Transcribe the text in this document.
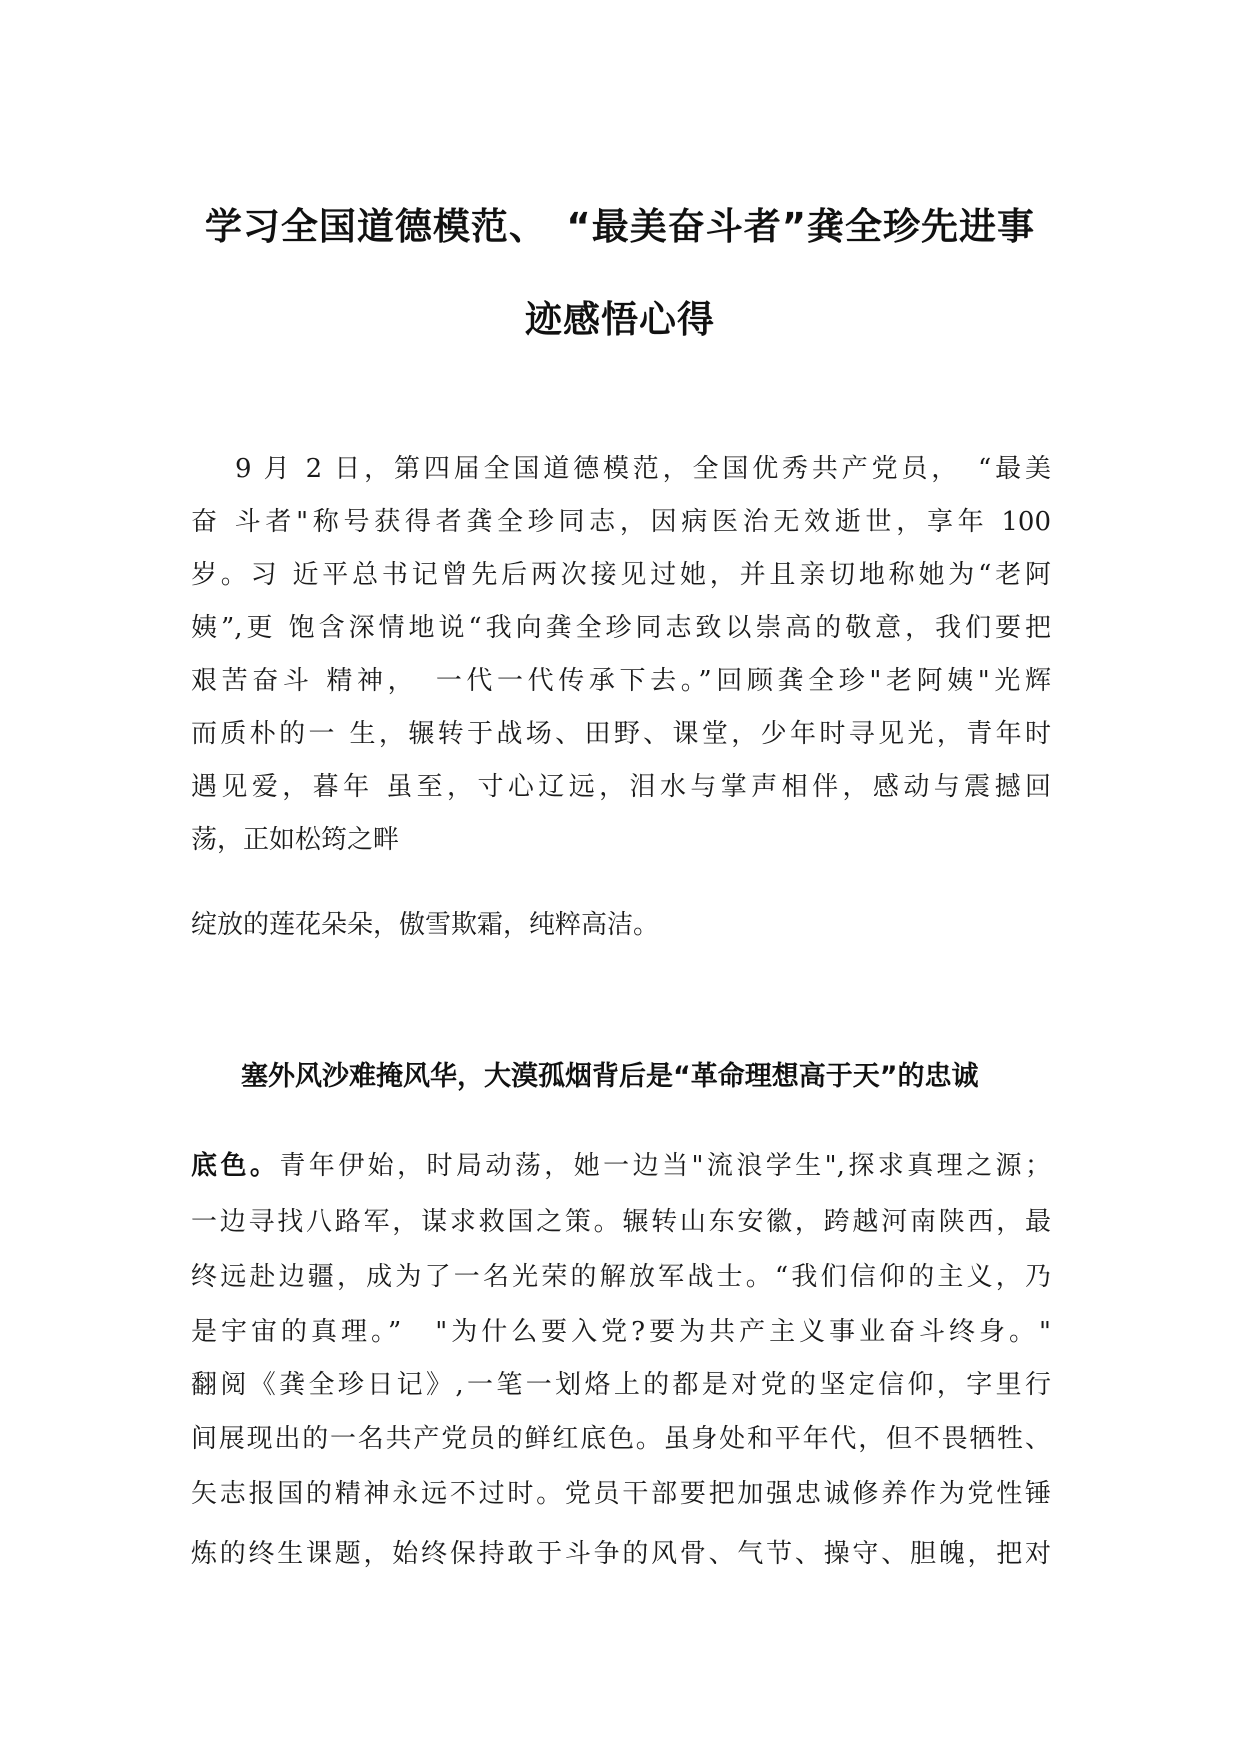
学习全国道德模范、　“最美奋斗者”龚全珍先进事
迹感悟心得
9 月 2 日，第四届全国道德模范，全国优秀共产党员，　“最美
奋 斗者"称号获得者龚全珍同志，因病医治无效逝世，享年 100
岁。习 近平总书记曾先后两次接见过她，并且亲切地称她为“老阿
姨”,更 饱含深情地说“我向龚全珍同志致以崇高的敬意，我们要把
艰苦奋斗 精神，　一代一代传承下去。”回顾龚全珍"老阿姨"光辉
而质朴的一 生，辗转于战场、田野、课堂，少年时寻见光，青年时
遇见爱，暮年 虽至，寸心辽远，泪水与掌声相伴，感动与震撼回
荡，正如松筠之畔
绽放的莲花朵朵，傲雪欺霜，纯粹高洁。
塞外风沙难掩风华，大漠孤烟背后是“革命理想高于天”的忠诚
底色。青年伊始，时局动荡，她一边当"流浪学生",探求真理之源；
一边寻找八路军，谋求救国之策。辗转山东安徽，跨越河南陕西，最
终远赴边疆，成为了一名光荣的解放军战士。“我们信仰的主义，乃
是宇宙的真理。”　"为什么要入党?要为共产主义事业奋斗终身。"
翻阅《龚全珍日记》,一笔一划烙上的都是对党的坚定信仰，字里行
间展现出的一名共产党员的鲜红底色。虽身处和平年代，但不畏牺牲、
矢志报国的精神永远不过时。党员干部要把加强忠诚修养作为党性锤
炼的终生课题，始终保持敢于斗争的风骨、气节、操守、胆魄，把对
